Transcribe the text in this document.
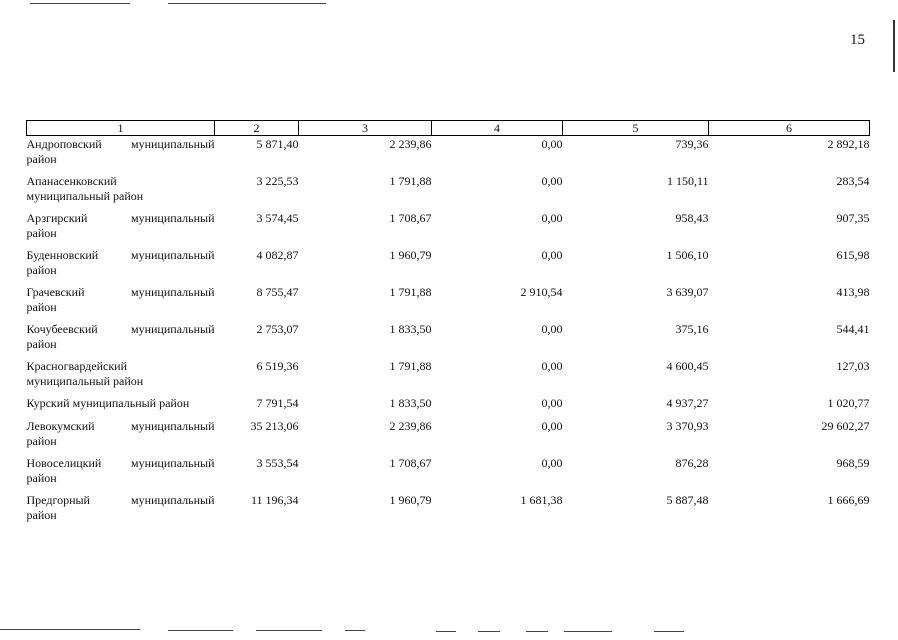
15
1	2	3	4	5	6

Андроповский муниципальный
район	5 871,40	2 239,86	0,00	739,36	2 892,18

Апанасенковский
муниципальный район	3 225,53	1 791,88	0,00	1 150,11	283,54

Арзгирский муниципальный
район	3 574,45	1 708,67	0,00	958,43	907,35

Буденновский муниципальный
район	4 082,87	1 960,79	0,00	1 506,10	615,98

Грачевский муниципальный
район	8 755,47	1 791,88	2 910,54	3 639,07	413,98

Кочубеевский муниципальный
район	2 753,07	1 833,50	0,00	375,16	544,41

Красногвардейский
муниципальный район	6 519,36	1 791,88	0,00	4 600,45	127,03

Курский муниципальный район	7 791,54	1 833,50	0,00	4 937,27	1 020,77

Левокумский муниципальный
район	35 213,06	2 239,86	0,00	3 370,93	29 602,27

Новоселицкий муниципальный
район	3 553,54	1 708,67	0,00	876,28	968,59

Предгорный муниципальный
район	11 196,34	1 960,79	1 681,38	5 887,48	1 666,69
